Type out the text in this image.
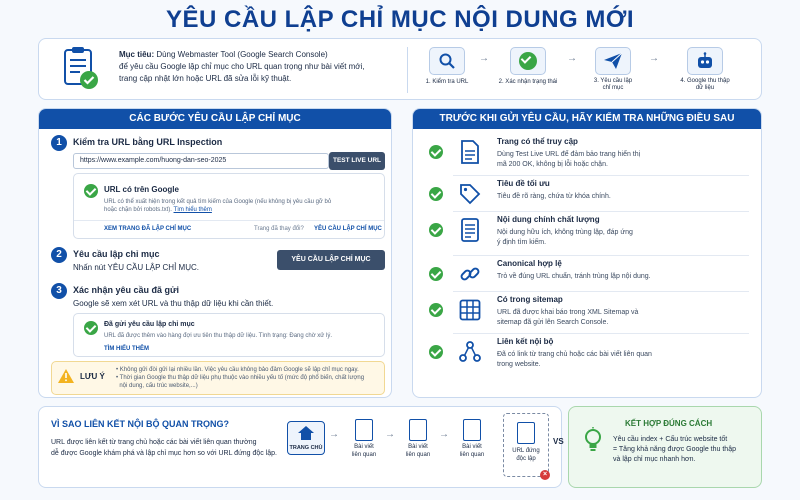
YÊU CẦU LẬP CHỈ MỤC NỘI DUNG MỚI
Mục tiêu: Dùng Webmaster Tool (Google Search Console)
để yêu cầu Google lập chỉ mục cho URL quan trọng như bài viết mới,
trang cập nhật lớn hoặc URL đã sửa lỗi kỹ thuật.	1. Kiểm tra URL
→
2. Xác nhận trạng thái
→
3. Yêu cầu lập chỉ mục
→
4. Google thu thập dữ liệu
CÁC BƯỚC YÊU CẦU LẬP CHỈ MỤC
1	Kiểm tra URL bằng URL Inspection
https://www.example.com/huong-dan-seo-2025	TEST LIVE URL
URL có trên Google
URL có thể xuất hiện trong kết quả tìm kiếm của Google (nếu không bị yêu cầu gỡ bỏ
hoặc chặn bởi robots.txt). Tìm hiểu thêm
XEM TRANG ĐÃ LẬP CHỈ MỤC	Trang đã thay đổi? YÊU CẦU LẬP CHỈ MỤC
2	Yêu cầu lập chỉ mục
Nhấn nút YÊU CẦU LẬP CHỈ MỤC.
YÊU CẦU LẬP CHỈ MỤC
3	Xác nhận yêu cầu đã gửi
Google sẽ xem xét URL và thu thập dữ liệu khi cần thiết.
Đã gửi yêu cầu lập chỉ mục
URL đã được thêm vào hàng đợi ưu tiên thu thập dữ liệu. Tình trạng: Đang chờ xử lý.
TÌM HIỂU THÊM
LƯU Ý
• Không gửi đòi gửi lại nhiều lần. Việc yêu cầu không bảo đảm Google sẽ lập chỉ mục ngay.
• Thời gian Google thu thập dữ liệu phụ thuộc vào nhiều yếu tố (mức độ phổ biến, chất lượng
nội dung, cấu trúc website,...)
TRƯỚC KHI GỬI YÊU CẦU, HÃY KIỂM TRA NHỮNG ĐIỀU SAU
Trang có thể truy cập
Dùng Test Live URL để đảm bảo trang hiển thị
mã 200 OK, không bị lỗi hoặc chặn.
Tiêu đề tối ưu
Tiêu đề rõ ràng, chứa từ khóa chính.

Nội dung chính chất lượng
Nội dung hữu ích, không trùng lặp, đáp ứng
ý định tìm kiếm.
Canonical hợp lệ
Trỏ về đúng URL chuẩn, tránh trùng lặp nội dung.

Có trong sitemap
URL đã được khai báo trong XML Sitemap và
sitemap đã gửi lên Search Console.
Liên kết nội bộ
Đã có link từ trang chủ hoặc các bài viết liên quan
trong website.
VÌ SAO LIÊN KẾT NỘI BỘ QUAN TRỌNG?
URL được liên kết từ trang chủ hoặc các bài viết liên quan thường
dễ được Google khám phá và lập chỉ mục hơn so với URL đứng độc lập.
TRANG CHỦ
→
Bài viết
liên quan
→
Bài viết
liên quan
→
Bài viết
liên quan
URL đứng
độc lập
×
VS
KẾT HỢP ĐÚNG CÁCH
Yêu cầu index + Cấu trúc website tốt
= Tăng khả năng được Google thu thập
và lập chỉ mục nhanh hơn.
